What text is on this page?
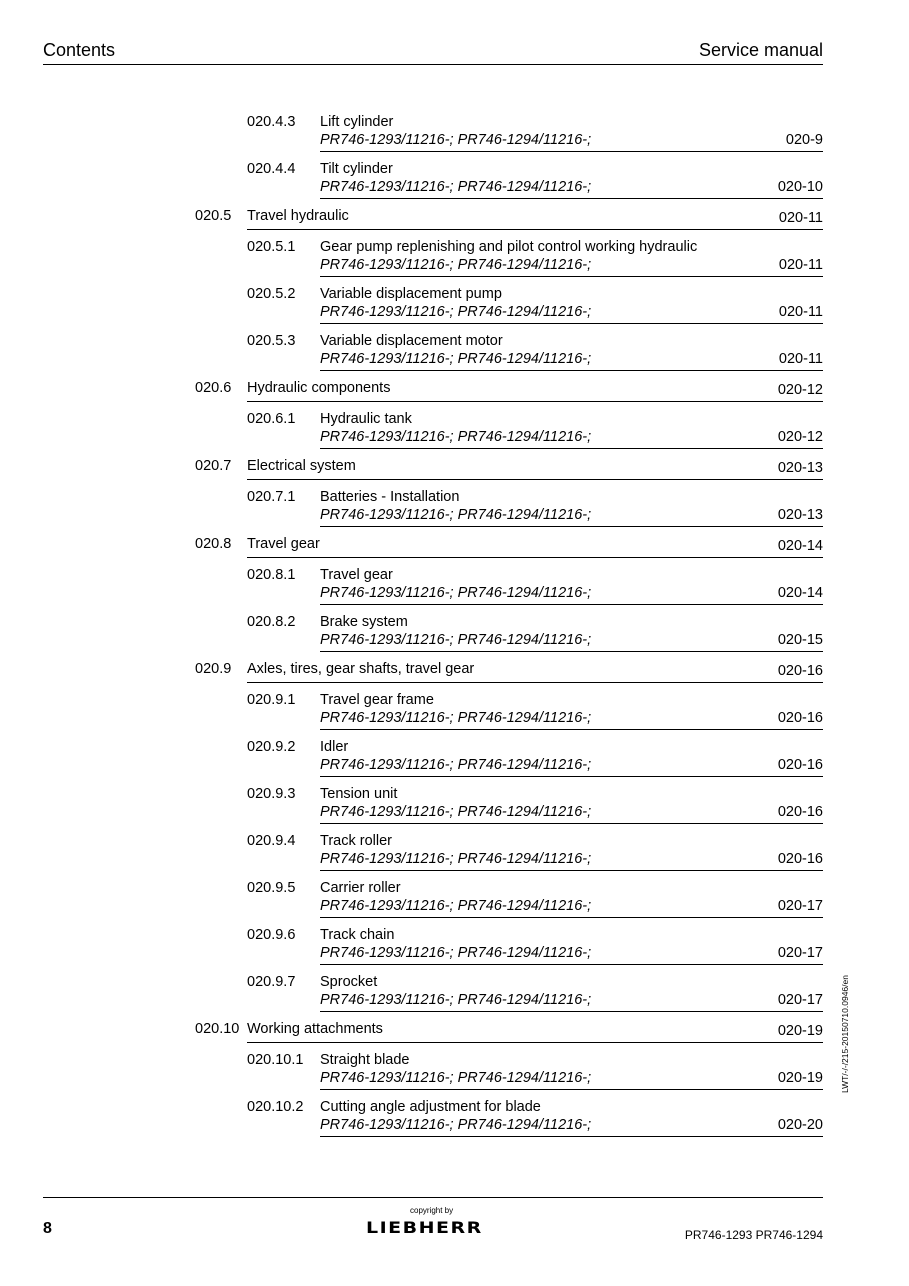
Contents	Service manual
020.4.3 Lift cylinder
PR746-1293/11216-; PR746-1294/11216-;	020-9
020.4.4 Tilt cylinder
PR746-1293/11216-; PR746-1294/11216-;	020-10
020.5 Travel hydraulic	020-11
020.5.1 Gear pump replenishing and pilot control working hydraulic
PR746-1293/11216-; PR746-1294/11216-;	020-11
020.5.2 Variable displacement pump
PR746-1293/11216-; PR746-1294/11216-;	020-11
020.5.3 Variable displacement motor
PR746-1293/11216-; PR746-1294/11216-;	020-11
020.6 Hydraulic components	020-12
020.6.1 Hydraulic tank
PR746-1293/11216-; PR746-1294/11216-;	020-12
020.7 Electrical system	020-13
020.7.1 Batteries - Installation
PR746-1293/11216-; PR746-1294/11216-;	020-13
020.8 Travel gear	020-14
020.8.1 Travel gear
PR746-1293/11216-; PR746-1294/11216-;	020-14
020.8.2 Brake system
PR746-1293/11216-; PR746-1294/11216-;	020-15
020.9 Axles, tires, gear shafts, travel gear	020-16
020.9.1 Travel gear frame
PR746-1293/11216-; PR746-1294/11216-;	020-16
020.9.2 Idler
PR746-1293/11216-; PR746-1294/11216-;	020-16
020.9.3 Tension unit
PR746-1293/11216-; PR746-1294/11216-;	020-16
020.9.4 Track roller
PR746-1293/11216-; PR746-1294/11216-;	020-16
020.9.5 Carrier roller
PR746-1293/11216-; PR746-1294/11216-;	020-17
020.9.6 Track chain
PR746-1293/11216-; PR746-1294/11216-;	020-17
020.9.7 Sprocket
PR746-1293/11216-; PR746-1294/11216-;	020-17
020.10 Working attachments	020-19
020.10.1 Straight blade
PR746-1293/11216-; PR746-1294/11216-;	020-19
020.10.2 Cutting angle adjustment for blade
PR746-1293/11216-; PR746-1294/11216-;	020-20
LWT/-/-/215-20150710.0946/en
8
copyright by
LIEBHERR	PR746-1293 PR746-1294
